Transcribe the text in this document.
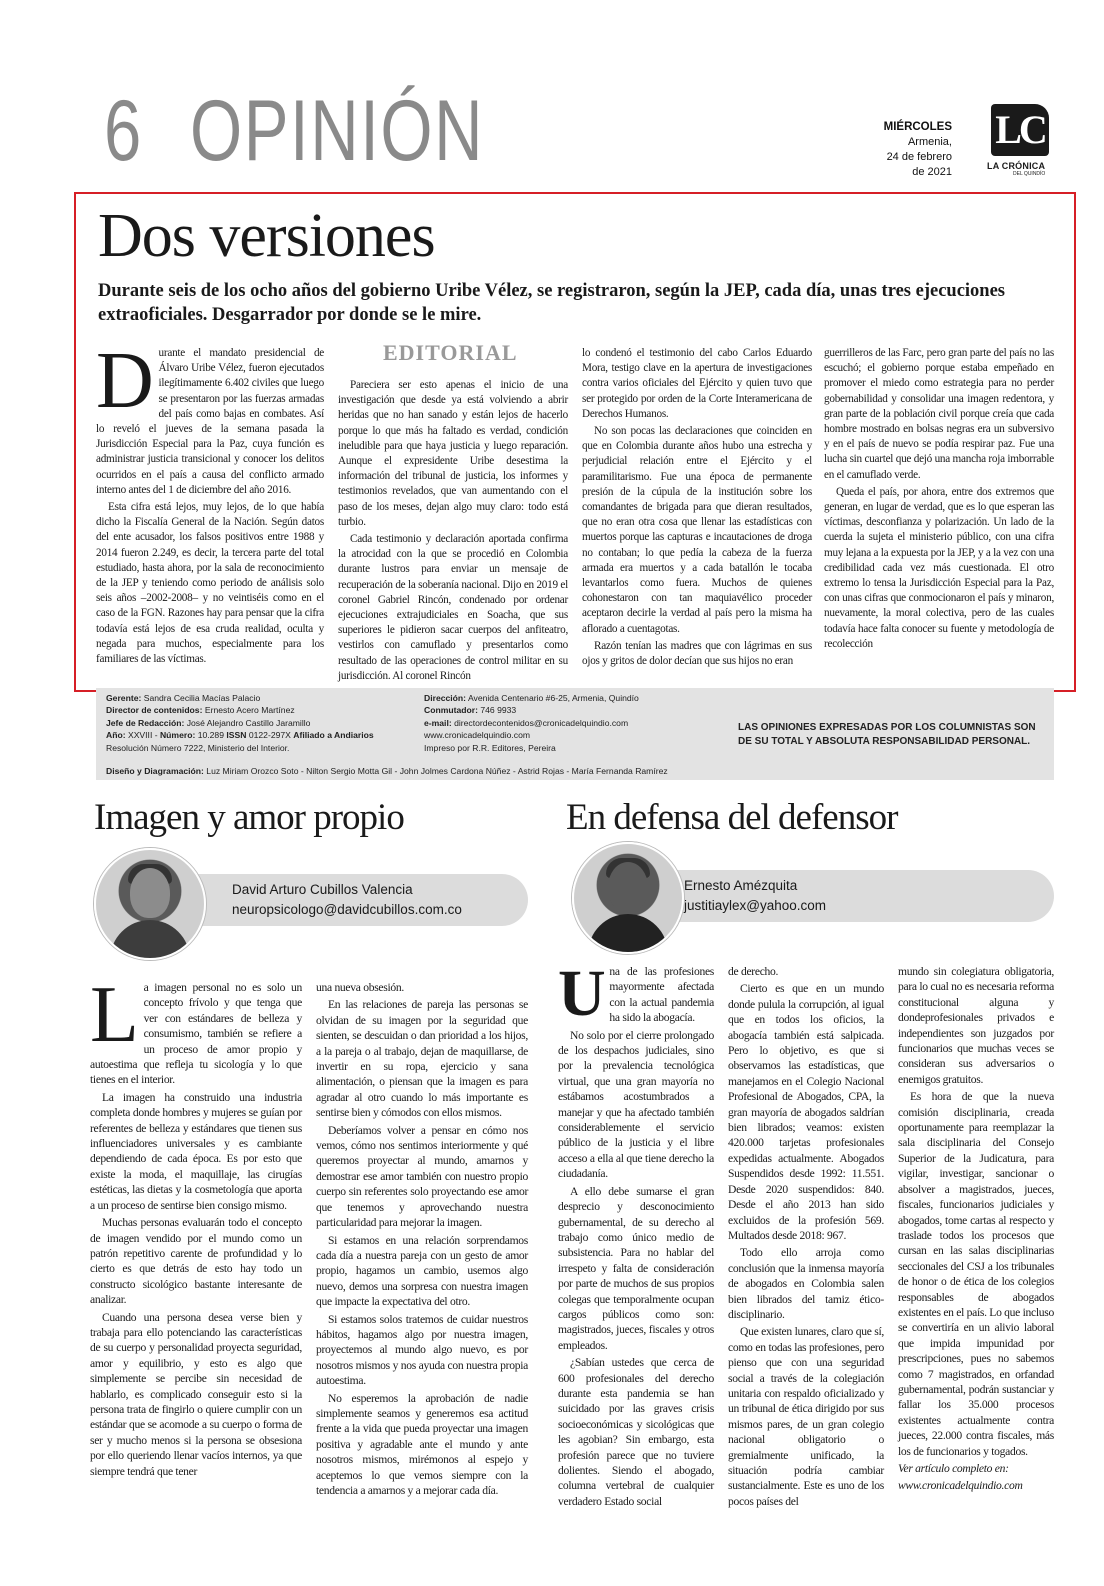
6 OPINIÓN	MIÉRCOLES
Armenia,
24 de febrero
de 2021
LC
LA CRÓNICA
DEL QUINDÍO
Dos versiones
Durante seis de los ocho años del gobierno Uribe Vélez, se registraron, según la JEP, cada día, unas tres ejecuciones extraoficiales. Desgarrador por donde se le mire.
EDITORIAL
D urante el mandato presidencial de Álvaro Uribe Vélez, fueron ejecutados ilegítimamente 6.402 civiles que luego se presentaron por las fuerzas armadas del país como bajas en combates. Así lo reveló el jueves de la semana pasada la Jurisdicción Especial para la Paz, cuya función es administrar justicia transicional y conocer los delitos ocurridos en el país a causa del conflicto armado interno antes del 1 de diciembre del año 2016.

Esta cifra está lejos, muy lejos, de lo que había dicho la Fiscalía General de la Nación. Según datos del ente acusador, los falsos positivos entre 1988 y 2014 fueron 2.249, es decir, la tercera parte del total estudiado, hasta ahora, por la sala de reconocimiento de la JEP y teniendo como periodo de análisis solo seis años –2002-2008– y no veintiséis como en el caso de la FGN. Razones hay para pensar que la cifra todavía está lejos de esa cruda realidad, oculta y negada para muchos, especialmente para los familiares de las víctimas.

Pareciera ser esto apenas el inicio de una investigación que desde ya está volviendo a abrir heridas que no han sanado y están lejos de hacerlo porque lo que más ha faltado es verdad, condición ineludible para que haya justicia y luego reparación. Aunque el expresidente Uribe desestima la información del tribunal de justicia, los informes y testimonios revelados, que van aumentando con el paso de los meses, dejan algo muy claro: todo está turbio.

Cada testimonio y declaración aportada confirma la atrocidad con la que se procedió en Colombia durante lustros para enviar un mensaje de recuperación de la soberanía nacional. Dijo en 2019 el coronel Gabriel Rincón, condenado por ordenar ejecuciones extrajudiciales en Soacha, que sus superiores le pidieron sacar cuerpos del anfiteatro, vestirlos con camuflado y presentarlos como resultado de las operaciones de control militar en su jurisdicción. Al coronel Rincón

lo condenó el testimonio del cabo Carlos Eduardo Mora, testigo clave en la apertura de investigaciones contra varios oficiales del Ejército y quien tuvo que ser protegido por orden de la Corte Interamericana de Derechos Humanos.

No son pocas las declaraciones que coinciden en que en Colombia durante años hubo una estrecha y perjudicial relación entre el Ejército y el paramilitarismo. Fue una época de permanente presión de la cúpula de la institución sobre los comandantes de brigada para que dieran resultados, que no eran otra cosa que llenar las estadísticas con muertos porque las capturas e incautaciones de droga no contaban; lo que pedía la cabeza de la fuerza armada era muertos y a cada batallón le tocaba levantarlos como fuera. Muchos de quienes cohonestaron con tan maquiavélico proceder aceptaron decirle la verdad al país pero la misma ha aflorado a cuentagotas.

Razón tenían las madres que con lágrimas en sus ojos y gritos de dolor decían que sus hijos no eran

guerrilleros de las Farc, pero gran parte del país no las escuchó; el gobierno porque estaba empeñado en promover el miedo como estrategia para no perder gobernabilidad y consolidar una imagen redentora, y gran parte de la población civil porque creía que cada hombre mostrado en bolsas negras era un subversivo y en el país de nuevo se podía respirar paz. Fue una lucha sin cuartel que dejó una mancha roja imborrable en el camuflado verde.

Queda el país, por ahora, entre dos extremos que generan, en lugar de verdad, que es lo que esperan las víctimas, desconfianza y polarización. Un lado de la cuerda la sujeta el ministerio público, con una cifra muy lejana a la expuesta por la JEP, y a la vez con una credibilidad cada vez más cuestionada. El otro extremo lo tensa la Jurisdicción Especial para la Paz, con unas cifras que conmocionaron el país y minaron, nuevamente, la moral colectiva, pero de las cuales todavía hace falta conocer su fuente y metodología de recolección

Gerente: Sandra Cecilia Macías Palacio
Director de contenidos: Ernesto Acero Martínez
Jefe de Redacción: José Alejandro Castillo Jaramillo
Año: XXVIII - Número: 10.289 ISSN 0122-297X Afiliado a Andiarios
Resolución Número 7222, Ministerio del Interior.
Dirección: Avenida Centenario #6-25, Armenia, Quindío
Conmutador: 746 9933
e-mail: directordecontenidos@cronicadelquindio.com
www.cronicadelquindio.com
Impreso por R.R. Editores, Pereira
LAS OPINIONES EXPRESADAS POR LOS COLUMNISTAS SON DE SU TOTAL Y ABSOLUTA RESPONSABILIDAD PERSONAL.
Diseño y Diagramación: Luz Miriam Orozco Soto - Nilton Sergio Motta Gil - John Jolmes Cardona Núñez - Astrid Rojas - María Fernanda Ramírez
Imagen y amor propio
David Arturo Cubillos Valencia
neuropsicologo@davidcubillos.com.co
L a imagen personal no es solo un concepto frívolo y que tenga que ver con estándares de belleza y consumismo, también se refiere a un proceso de amor propio y autoestima que refleja tu sicología y lo que tienes en el interior.

La imagen ha construido una industria completa donde hombres y mujeres se guían por referentes de belleza y estándares que tienen sus influenciadores universales y es cambiante dependiendo de cada época. Es por esto que existe la moda, el maquillaje, las cirugías estéticas, las dietas y la cosmetología que aporta a un proceso de sentirse bien consigo mismo.

Muchas personas evaluarán todo el concepto de imagen vendido por el mundo como un patrón repetitivo carente de profundidad y lo cierto es que detrás de esto hay todo un constructo sicológico bastante interesante de analizar.

Cuando una persona desea verse bien y trabaja para ello potenciando las características de su cuerpo y personalidad proyecta seguridad, amor y equilibrio, y esto es algo que simplemente se percibe sin necesidad de hablarlo, es complicado conseguir esto si la persona trata de fingirlo o quiere cumplir con un estándar que se acomode a su cuerpo o forma de ser y mucho menos si la persona se obsesiona por ello queriendo llenar vacíos internos, ya que siempre tendrá que tener

una nueva obsesión.

En las relaciones de pareja las personas se olvidan de su imagen por la seguridad que sienten, se descuidan o dan prioridad a los hijos, a la pareja o al trabajo, dejan de maquillarse, de invertir en su ropa, ejercicio y sana alimentación, o piensan que la imagen es para agradar al otro cuando lo más importante es sentirse bien y cómodos con ellos mismos.

Deberíamos volver a pensar en cómo nos vemos, cómo nos sentimos interiormente y qué queremos proyectar al mundo, amarnos y demostrar ese amor también con nuestro propio cuerpo sin referentes solo proyectando ese amor que tenemos y aprovechando nuestra particularidad para mejorar la imagen.

Si estamos en una relación sorprendamos cada día a nuestra pareja con un gesto de amor propio, hagamos un cambio, usemos algo nuevo, demos una sorpresa con nuestra imagen que impacte la expectativa del otro.

Si estamos solos tratemos de cuidar nuestros hábitos, hagamos algo por nuestra imagen, proyectemos al mundo algo nuevo, es por nosotros mismos y nos ayuda con nuestra propia autoestima.

No esperemos la aprobación de nadie simplemente seamos y generemos esa actitud frente a la vida que pueda proyectar una imagen positiva y agradable ante el mundo y ante nosotros mismos, mirémonos al espejo y aceptemos lo que vemos siempre con la tendencia a amarnos y a mejorar cada día.

En defensa del defensor
Ernesto Amézquita
justitiaylex@yahoo.com
U na de las profesiones mayormente afectada con la actual pandemia ha sido la abogacía.

No solo por el cierre prolongado de los despachos judiciales, sino por la prevalencia tecnológica virtual, que una gran mayoría no estábamos acostumbrados a manejar y que ha afectado también considerablemente el servicio público de la justicia y el libre acceso a ella al que tiene derecho la ciudadanía.

A ello debe sumarse el gran desprecio y desconocimiento gubernamental, de su derecho al trabajo como único medio de subsistencia. Para no hablar del irrespeto y falta de consideración por parte de muchos de sus propios colegas que temporalmente ocupan cargos públicos como son: magistrados, jueces, fiscales y otros empleados.

¿Sabían ustedes que cerca de 600 profesionales del derecho durante esta pandemia se han suicidado por las graves crisis socioeconómicas y sicológicas que les agobian? Sin embargo, esta profesión parece que no tuviere dolientes. Siendo el abogado, columna vertebral de cualquier verdadero Estado social

de derecho.

Cierto es que en un mundo donde pulula la corrupción, al igual que en todos los oficios, la abogacía también está salpicada. Pero lo objetivo, es que si observamos las estadísticas, que manejamos en el Colegio Nacional Profesional de Abogados, CPA, la gran mayoría de abogados saldrían bien librados; veamos: existen 420.000 tarjetas profesionales expedidas actualmente. Abogados Suspendidos desde 1992: 11.551. Desde 2020 suspendidos: 840. Desde el año 2013 han sido excluidos de la profesión 569. Multados desde 2018: 967.

Todo ello arroja como conclusión que la inmensa mayoría de abogados en Colombia salen bien librados del tamiz ético-disciplinario.

Que existen lunares, claro que sí, como en todas las profesiones, pero pienso que con una seguridad social a través de la colegiación unitaria con respaldo oficializado y un tribunal de ética dirigido por sus mismos pares, de un gran colegio nacional obligatorio o gremialmente unificado, la situación podría cambiar sustancialmente. Este es uno de los pocos países del

mundo sin colegiatura obligatoria, para lo cual no es necesaria reforma constitucional alguna y dondeprofesionales privados e independientes son juzgados por funcionarios que muchas veces se consideran sus adversarios o enemigos gratuitos.

Es hora de que la nueva comisión disciplinaria, creada oportunamente para reemplazar la sala disciplinaria del Consejo Superior de la Judicatura, para vigilar, investigar, sancionar o absolver a magistrados, jueces, fiscales, funcionarios judiciales y abogados, tome cartas al respecto y traslade todos los procesos que cursan en las salas disciplinarias seccionales del CSJ a los tribunales de honor o de ética de los colegios responsables de abogados existentes en el país. Lo que incluso se convertiría en un alivio laboral que impida impunidad por prescripciones, pues no sabemos como 7 magistrados, en orfandad gubernamental, podrán sustanciar y fallar los 35.000 procesos existentes actualmente contra jueces, 22.000 contra fiscales, más los de funcionarios y togados.

Ver artículo completo en:

www.cronicadelquindio.com
